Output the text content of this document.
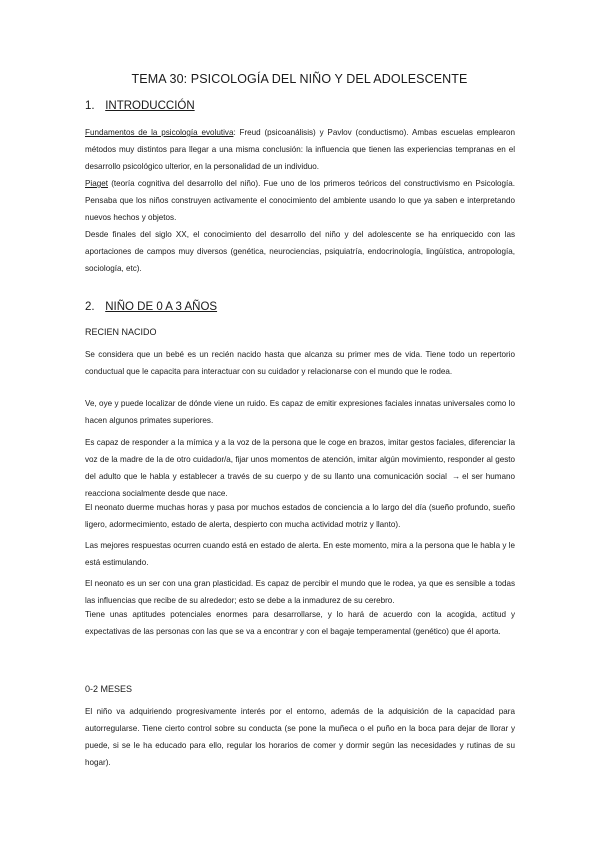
TEMA 30: PSICOLOGÍA DEL NIÑO Y DEL ADOLESCENTE
1. INTRODUCCIÓN
Fundamentos de la psicología evolutiva: Freud (psicoanálisis) y Pavlov (conductismo). Ambas escuelas emplearon métodos muy distintos para llegar a una misma conclusión: la influencia que tienen las experiencias tempranas en el desarrollo psicológico ulterior, en la personalidad de un individuo.
Piaget (teoría cognitiva del desarrollo del niño). Fue uno de los primeros teóricos del constructivismo en Psicología. Pensaba que los niños construyen activamente el conocimiento del ambiente usando lo que ya saben e interpretando nuevos hechos y objetos.
Desde finales del siglo XX, el conocimiento del desarrollo del niño y del adolescente se ha enriquecido con las aportaciones de campos muy diversos (genética, neurociencias, psiquiatría, endocrinología, lingüística, antropología, sociología, etc).
2. NIÑO DE 0 A 3 AÑOS
RECIEN NACIDO
Se considera que un bebé es un recién nacido hasta que alcanza su primer mes de vida. Tiene todo un repertorio conductual que le capacita para interactuar con su cuidador y relacionarse con el mundo que le rodea.
Ve, oye y puede localizar de dónde viene un ruido. Es capaz de emitir expresiones faciales innatas universales como lo hacen algunos primates superiores.
Es capaz de responder a la mímica y a la voz de la persona que le coge en brazos, imitar gestos faciales, diferenciar la voz de la madre de la de otro cuidador/a, fijar unos momentos de atención, imitar algún movimiento, responder al gesto del adulto que le habla y establecer a través de su cuerpo y de su llanto una comunicación social → el ser humano reacciona socialmente desde que nace.
El neonato duerme muchas horas y pasa por muchos estados de conciencia a lo largo del día (sueño profundo, sueño ligero, adormecimiento, estado de alerta, despierto con mucha actividad motriz y llanto).
Las mejores respuestas ocurren cuando está en estado de alerta. En este momento, mira a la persona que le habla y le está estimulando.
El neonato es un ser con una gran plasticidad. Es capaz de percibir el mundo que le rodea, ya que es sensible a todas las influencias que recibe de su alrededor; esto se debe a la inmadurez de su cerebro.
Tiene unas aptitudes potenciales enormes para desarrollarse, y lo hará de acuerdo con la acogida, actitud y expectativas de las personas con las que se va a encontrar y con el bagaje temperamental (genético) que él aporta.
0-2 MESES
El niño va adquiriendo progresivamente interés por el entorno, además de la adquisición de la capacidad para autorregularse. Tiene cierto control sobre su conducta (se pone la muñeca o el puño en la boca para dejar de llorar y puede, si se le ha educado para ello, regular los horarios de comer y dormir según las necesidades y rutinas de su hogar).
